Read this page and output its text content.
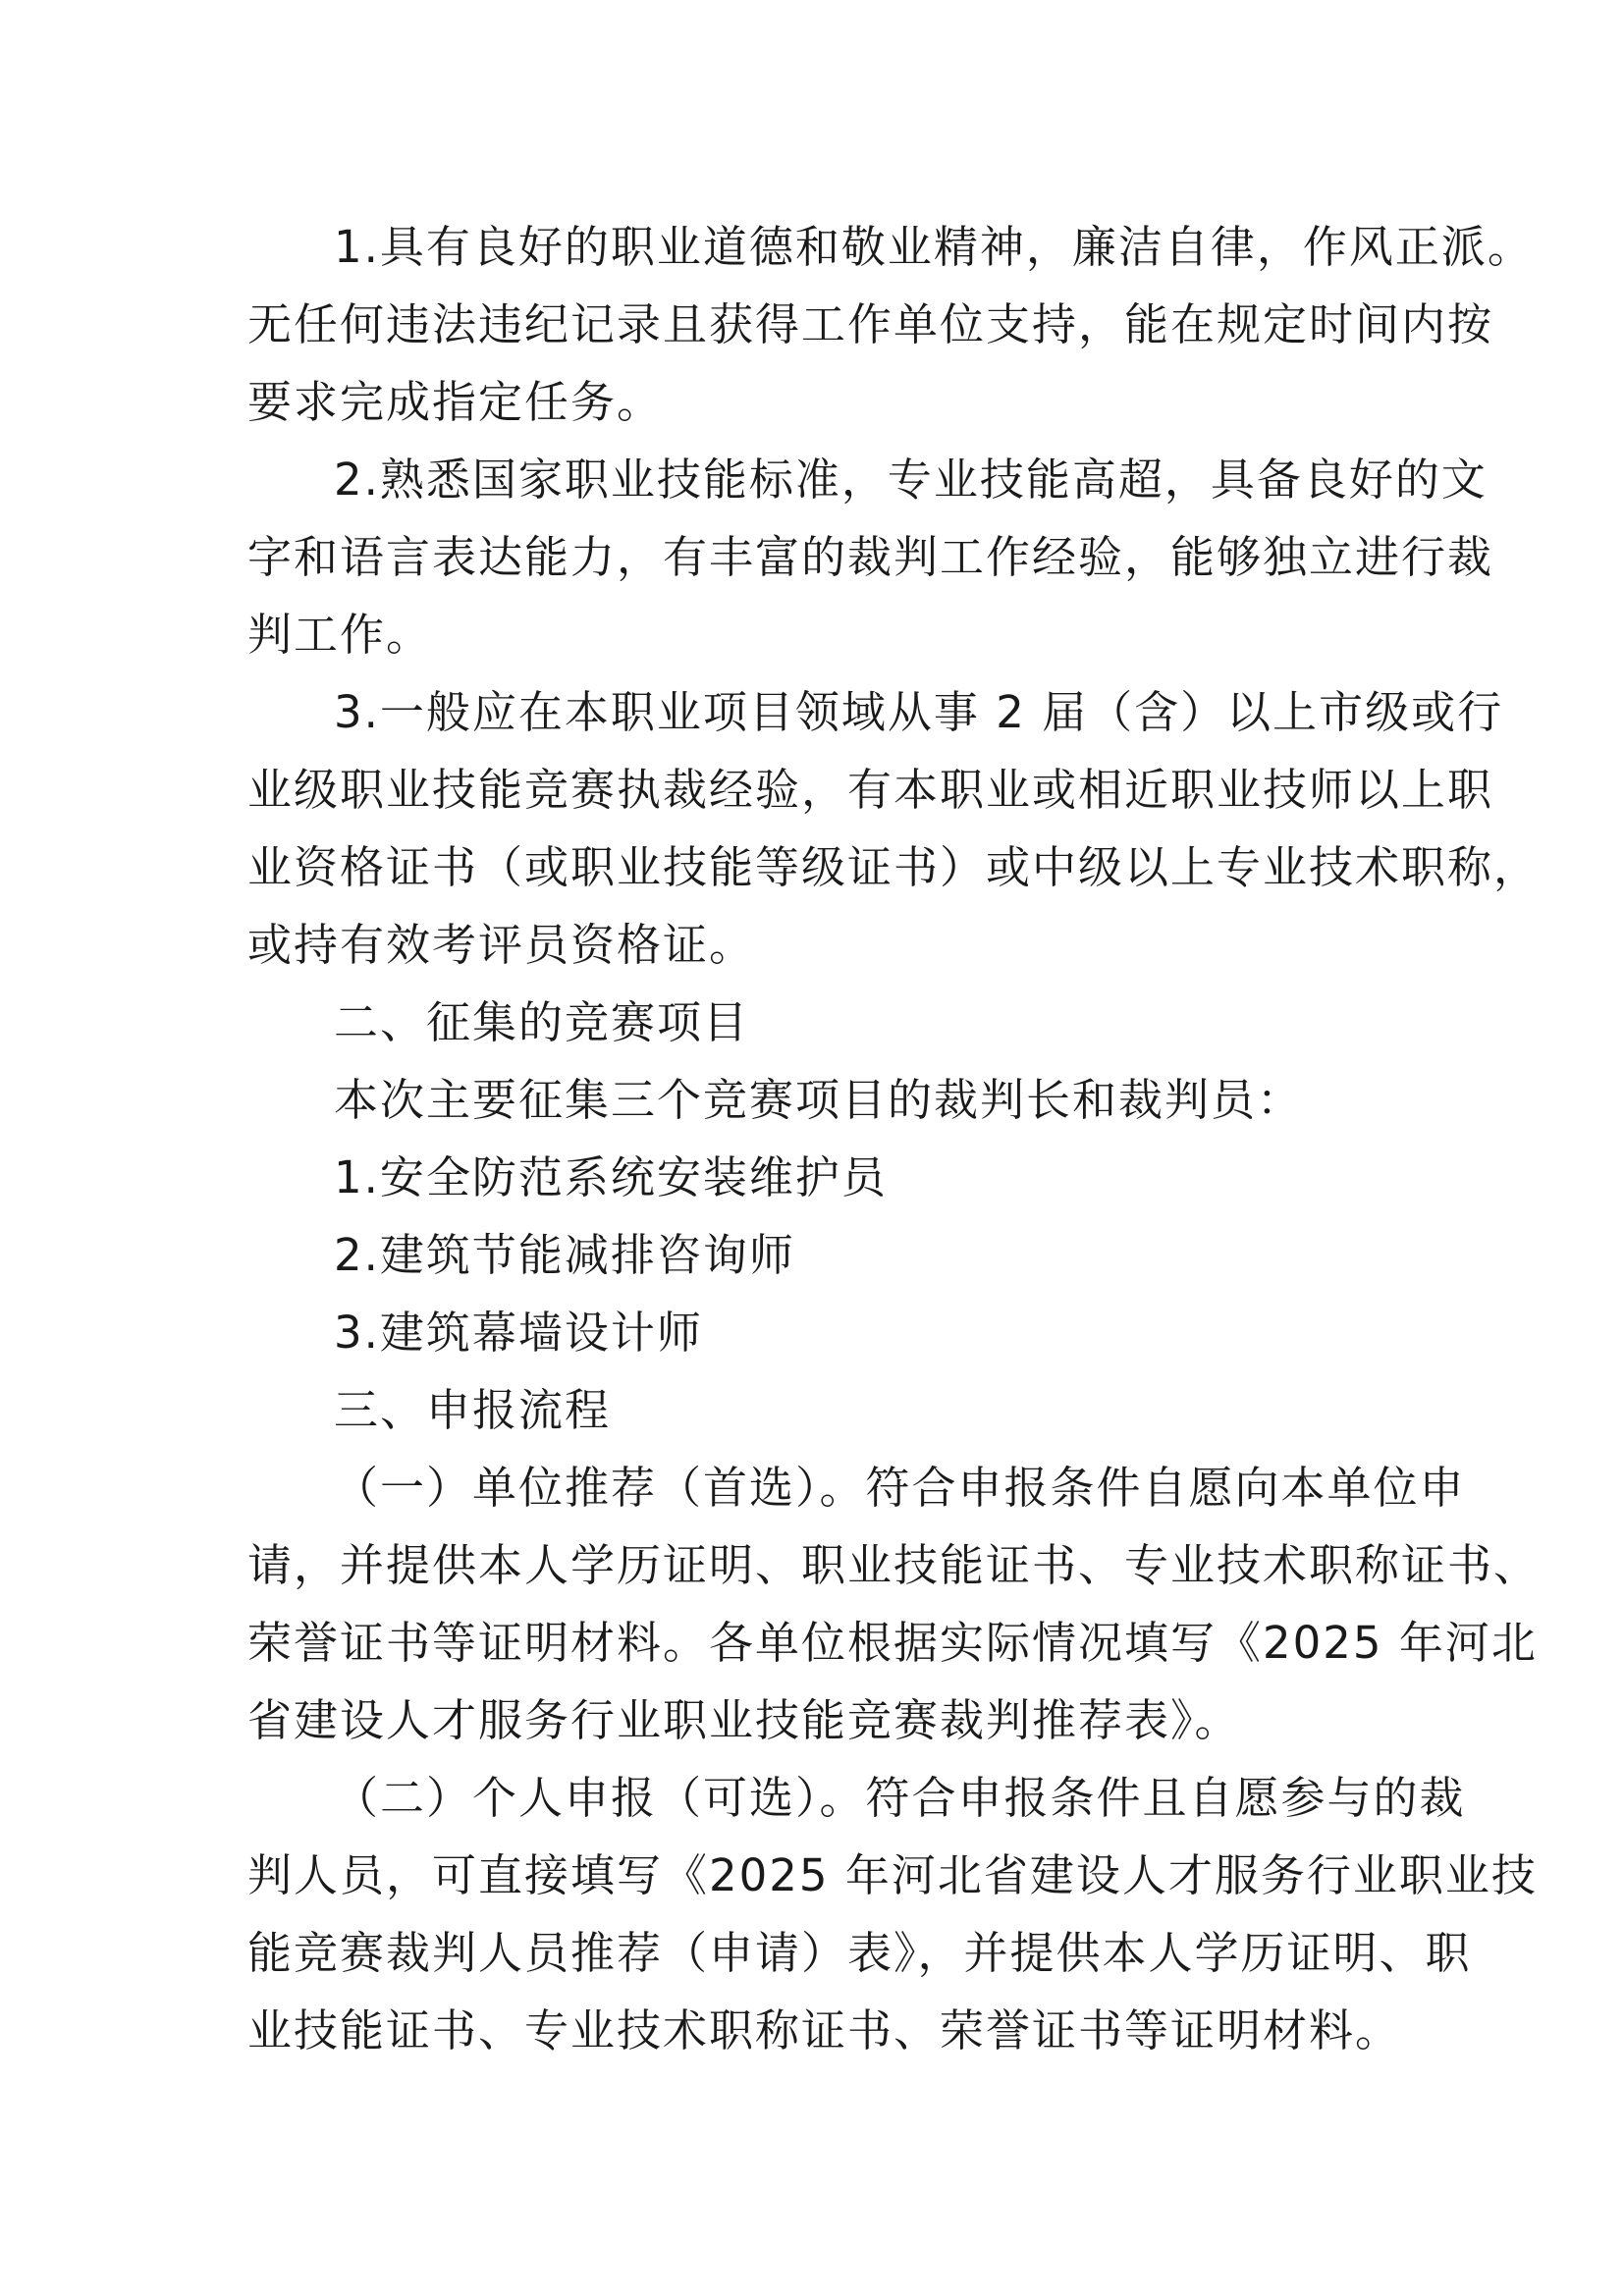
1.具有良好的职业道德和敬业精神，廉洁自律，作风正派。
无任何违法违纪记录且获得工作单位支持，能在规定时间内按
要求完成指定任务。
2.熟悉国家职业技能标准，专业技能高超，具备良好的文
字和语言表达能力，有丰富的裁判工作经验，能够独立进行裁
判工作。
3.一般应在本职业项目领域从事 2 届（含）以上市级或行
业级职业技能竞赛执裁经验，有本职业或相近职业技师以上职
业资格证书（或职业技能等级证书）或中级以上专业技术职称，
或持有效考评员资格证。
二、征集的竞赛项目
本次主要征集三个竞赛项目的裁判长和裁判员：
1.安全防范系统安装维护员
2.建筑节能减排咨询师
3.建筑幕墙设计师
三、申报流程
（一）单位推荐（首选）。符合申报条件自愿向本单位申
请，并提供本人学历证明、职业技能证书、专业技术职称证书、
荣誉证书等证明材料。各单位根据实际情况填写《2025 年河北
省建设人才服务行业职业技能竞赛裁判推荐表》。
（二）个人申报（可选）。符合申报条件且自愿参与的裁
判人员，可直接填写《2025 年河北省建设人才服务行业职业技
能竞赛裁判人员推荐（申请）表》，并提供本人学历证明、职
业技能证书、专业技术职称证书、荣誉证书等证明材料。
